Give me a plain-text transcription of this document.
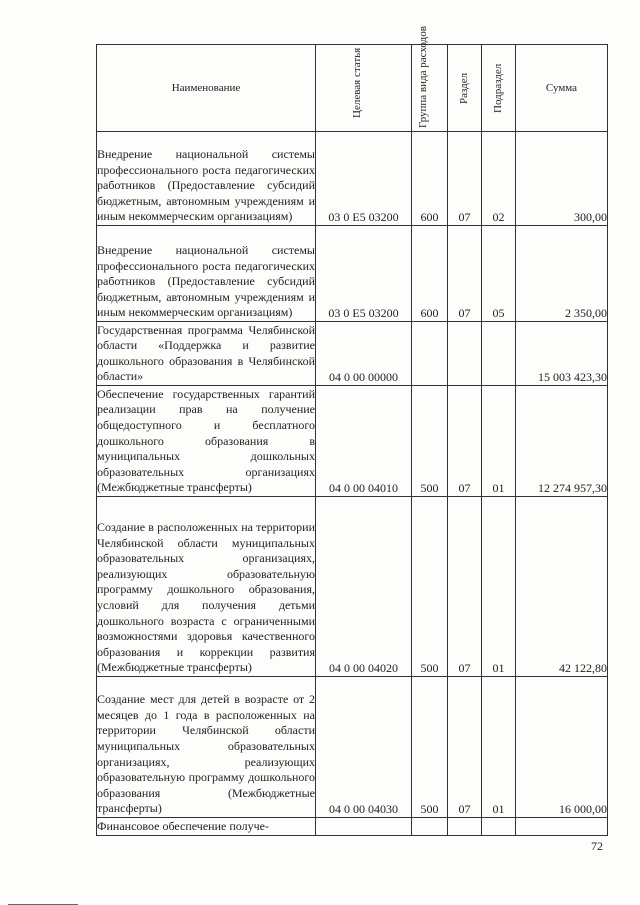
Наименование	Целевая статья	Группа вида расходов	Раздел	Подраздел	Сумма
Внедрение национальной системы профессионального роста педагогических работников (Предоставление субсидий бюджетным, автономным учреждениям и иным некоммерческим организациям)	03 0 Е5 03200	600	07	02	300,00
Внедрение национальной системы профессионального роста педагогических работников (Предоставление субсидий бюджетным, автономным учреждениям и иным некоммерческим организациям)	03 0 Е5 03200	600	07	05	2 350,00
Государственная программа Челябинской области «Поддержка и развитие дошкольного образования в Челябинской области»	04 0 00 00000				15 003 423,30
Обеспечение государственных гарантий реализации прав на получение общедоступного и бесплатного дошкольного образования в муниципальных дошкольных образовательных организациях (Межбюджетные трансферты)	04 0 00 04010	500	07	01	12 274 957,30
Создание в расположенных на территории Челябинской области муниципальных образовательных организациях, реализующих образовательную программу дошкольного образования, условий для получения детьми дошкольного возраста с ограниченными возможностями здоровья качественного образования и коррекции развития (Межбюджетные трансферты)	04 0 00 04020	500	07	01	42 122,80
Создание мест для детей в возрасте от 2 месяцев до 1 года в расположенных на территории Челябинской области муниципальных образовательных организациях, реализующих образовательную программу дошкольного образования (Межбюджетные трансферты)	04 0 00 04030	500	07	01	16 000,00
Финансовое обеспечение получе-					
72
